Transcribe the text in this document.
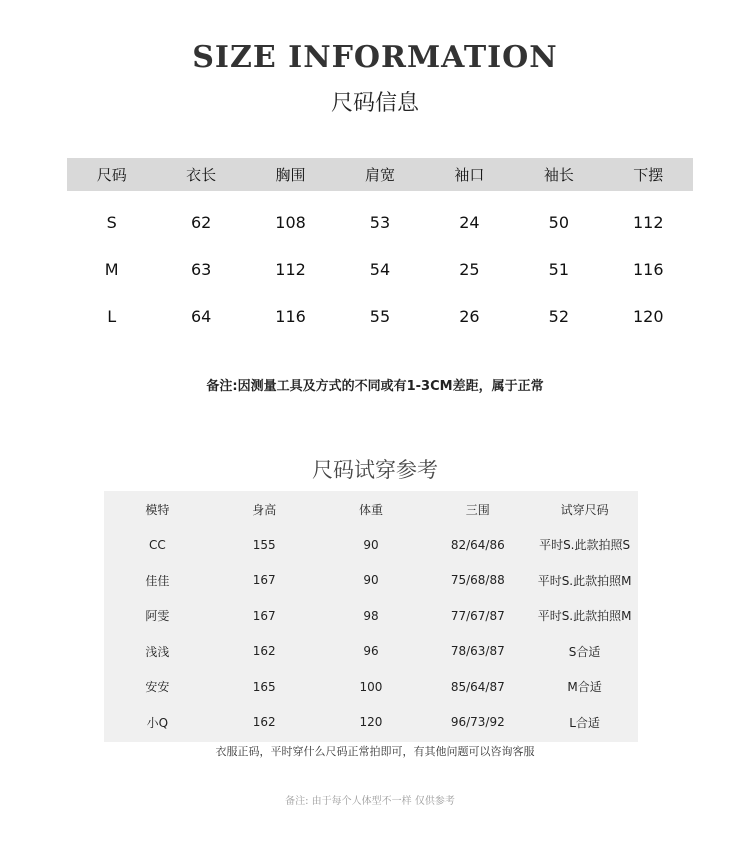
SIZE INFORMATION
尺码信息
尺码	衣长	胸围	肩宽	袖口	袖长	下摆
S	62	108	53	24	50	112
M	63	112	54	25	51	116
L	64	116	55	26	52	120
备注:因测量工具及方式的不同或有1-3CM差距，属于正常
尺码试穿参考
模特	身高	体重	三围	试穿尺码
CC	155	90	82/64/86	平时S.此款拍照S
佳佳	167	90	75/68/88	平时S.此款拍照M
阿雯	167	98	77/67/87	平时S.此款拍照M
浅浅	162	96	78/63/87	S合适
安安	165	100	85/64/87	M合适
小Q	162	120	96/73/92	L合适
衣服正码，平时穿什么尺码正常拍即可，有其他问题可以咨询客服
备注: 由于每个人体型不一样 仅供参考
